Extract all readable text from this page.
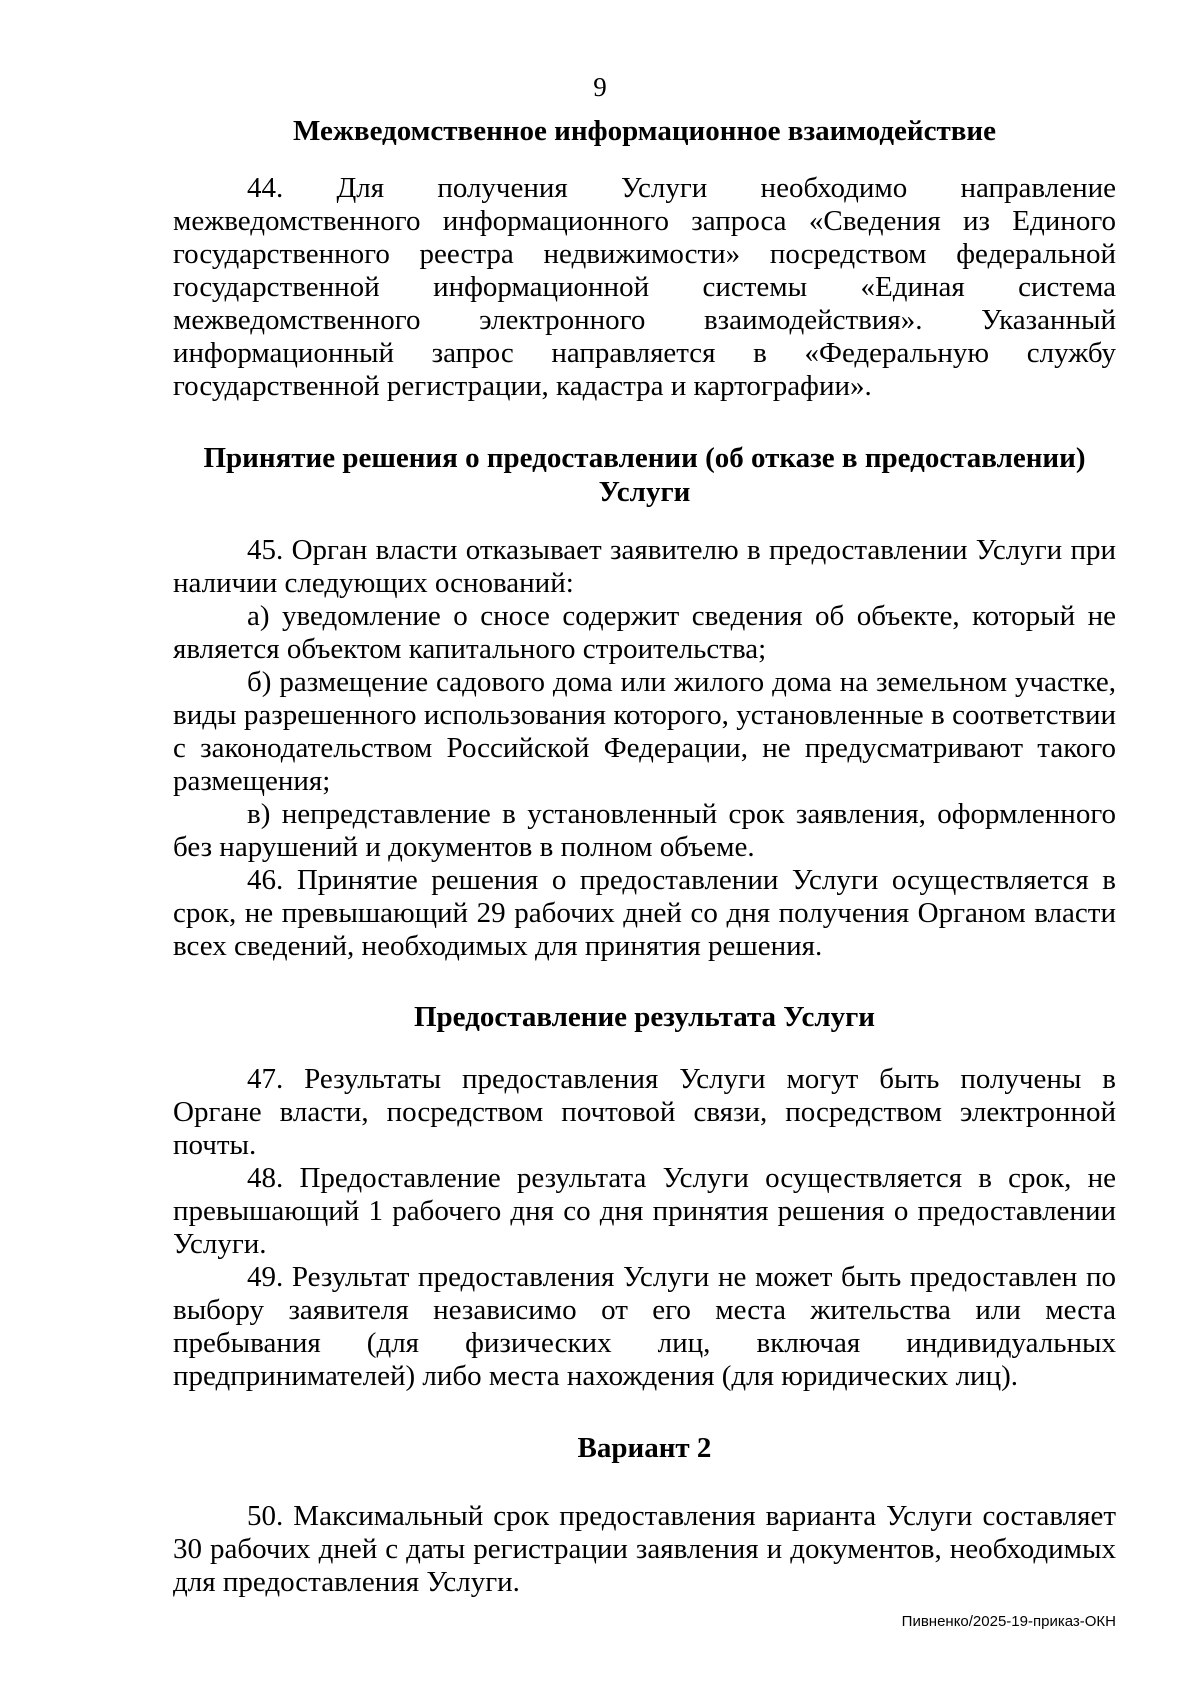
9
Межведомственное информационное взаимодействие

44. Для получения Услуги необходимо направление межведомственного информационного запроса «Сведения из Единого государственного реестра недвижимости» посредством федеральной государственной информационной системы «Единая система межведомственного электронного взаимодействия». Указанный информационный запрос направляется в «Федеральную службу государственной регистрации, кадастра и картографии».

Принятие решения о предоставлении (об отказе в предоставлении)
Услуги

45. Орган власти отказывает заявителю в предоставлении Услуги при наличии следующих оснований:

а) уведомление о сносе содержит сведения об объекте, который не является объектом капитального строительства;

б) размещение садового дома или жилого дома на земельном участке, виды разрешенного использования которого, установленные в соответствии с законодательством Российской Федерации, не предусматривают такого размещения;

в) непредставление в установленный срок заявления, оформленного без нарушений и документов в полном объеме.

46. Принятие решения о предоставлении Услуги осуществляется в срок, не превышающий 29 рабочих дней со дня получения Органом власти всех сведений, необходимых для принятия решения.

Предоставление результата Услуги

47. Результаты предоставления Услуги могут быть получены в Органе власти, посредством почтовой связи, посредством электронной почты.

48. Предоставление результата Услуги осуществляется в срок, не превышающий 1 рабочего дня со дня принятия решения о предоставлении Услуги.

49. Результат предоставления Услуги не может быть предоставлен по выбору заявителя независимо от его места жительства или места пребывания (для физических лиц, включая индивидуальных предпринимателей) либо места нахождения (для юридических лиц).

Вариант 2

50. Максимальный срок предоставления варианта Услуги составляет 30 рабочих дней с даты регистрации заявления и документов, необходимых для предоставления Услуги.

Пивненко/2025-19-приказ-ОКН
